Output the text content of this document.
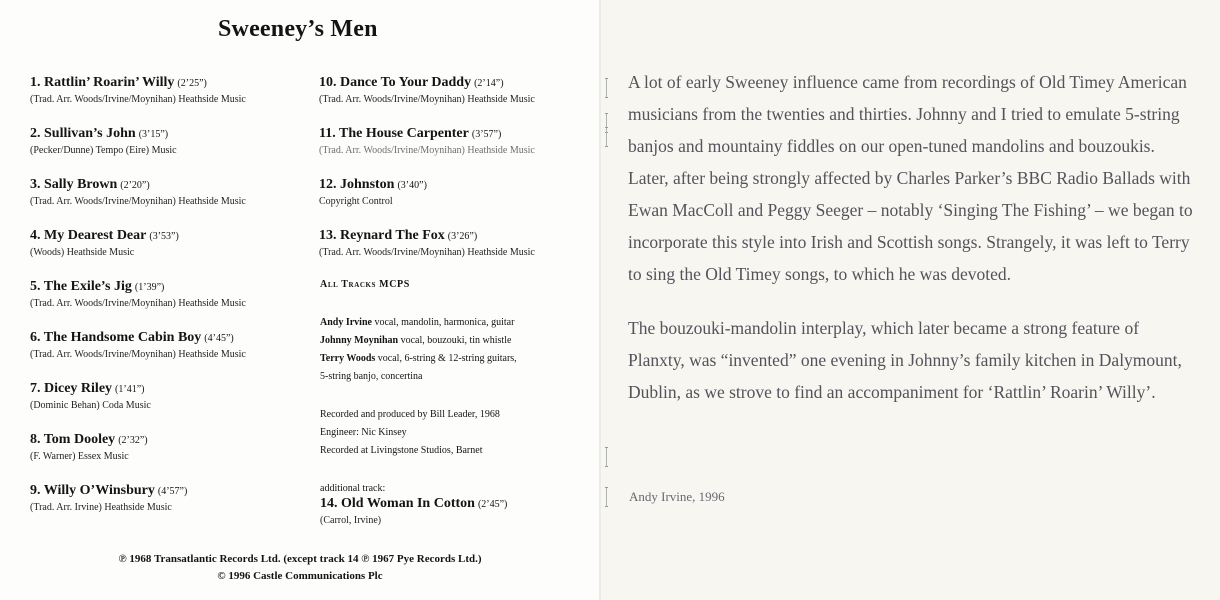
Sweeney’s Men
1. Rattlin’ Roarin’ Willy (2’25”)
(Trad. Arr. Woods/Irvine/Moynihan) Heathside Music
2. Sullivan’s John (3’15”)
(Pecker/Dunne) Tempo (Eire) Music
3. Sally Brown (2’20”)
(Trad. Arr. Woods/Irvine/Moynihan) Heathside Music
4. My Dearest Dear (3’53”)
(Woods) Heathside Music
5. The Exile’s Jig (1’39”)
(Trad. Arr. Woods/Irvine/Moynihan) Heathside Music
6. The Handsome Cabin Boy (4’45”)
(Trad. Arr. Woods/Irvine/Moynihan) Heathside Music
7. Dicey Riley (1’41”)
(Dominic Behan) Coda Music
8. Tom Dooley (2’32”)
(F. Warner) Essex Music
9. Willy O’Winsbury (4’57”)
(Trad. Arr. Irvine) Heathside Music
10. Dance To Your Daddy (2’14”)
(Trad. Arr. Woods/Irvine/Moynihan) Heathside Music
11. The House Carpenter (3’57”)
(Trad. Arr. Woods/Irvine/Moynihan) Heathside Music
12. Johnston (3’40”)
Copyright Control
13. Reynard The Fox (3’26”)
(Trad. Arr. Woods/Irvine/Moynihan) Heathside Music
All Tracks MCPS
Andy Irvine vocal, mandolin, harmonica, guitar
Johnny Moynihan vocal, bouzouki, tin whistle
Terry Woods vocal, 6-string & 12-string guitars,
5-string banjo, concertina
Recorded and produced by Bill Leader, 1968
Engineer: Nic Kinsey
Recorded at Livingstone Studios, Barnet
additional track:
14. Old Woman In Cotton (2’45”)
(Carrol, Irvine)
℗ 1968 Transatlantic Records Ltd. (except track 14 ℗ 1967 Pye Records Ltd.)
© 1996 Castle Communications Plc

A lot of early Sweeney influence came from recordings of Old Timey American musicians from the twenties and thirties. Johnny and I tried to emulate 5-string banjos and mountainy fiddles on our open-tuned mandolins and bouzoukis. Later, after being strongly affected by Charles Parker’s BBC Radio Ballads with Ewan MacColl and Peggy Seeger – notably ‘Singing The Fishing’ – we began to incorporate this style into Irish and Scottish songs. Strangely, it was left to Terry to sing the Old Timey songs, to which he was devoted.

The bouzouki-mandolin interplay, which later became a strong feature of Planxty, was “invented” one evening in Johnny’s family kitchen in Dalymount, Dublin, as we strove to find an accompaniment for ‘Rattlin’ Roarin’ Willy’.

Andy Irvine, 1996
